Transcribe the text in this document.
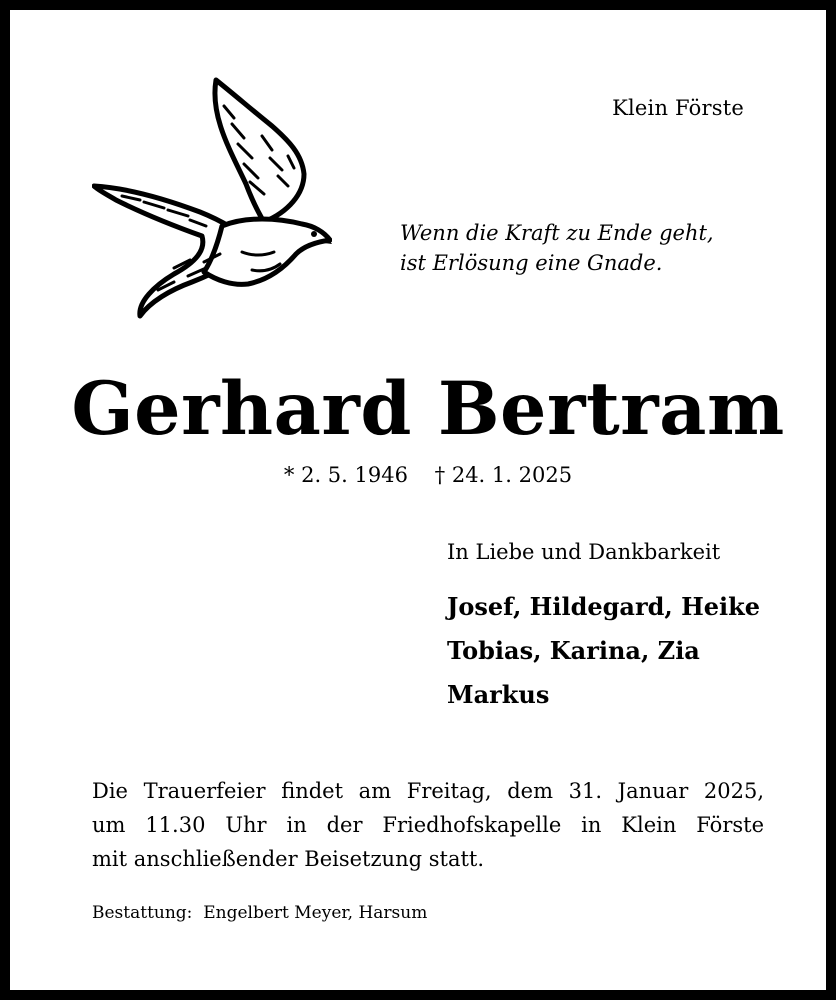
Klein Förste
Wenn die Kraft zu Ende geht,
ist Erlösung eine Gnade.
Gerhard Bertram
* 2. 5. 1946    † 24. 1. 2025
In Liebe und Dankbarkeit
Josef, Hildegard, Heike
Tobias, Karina, Zia
Markus
Die Trauerfeier findet am Freitag, dem 31. Januar 2025,
um 11.30 Uhr in der Friedhofskapelle in Klein Förste
mit anschließender Beisetzung statt.
Bestattung:  Engelbert Meyer, Harsum
